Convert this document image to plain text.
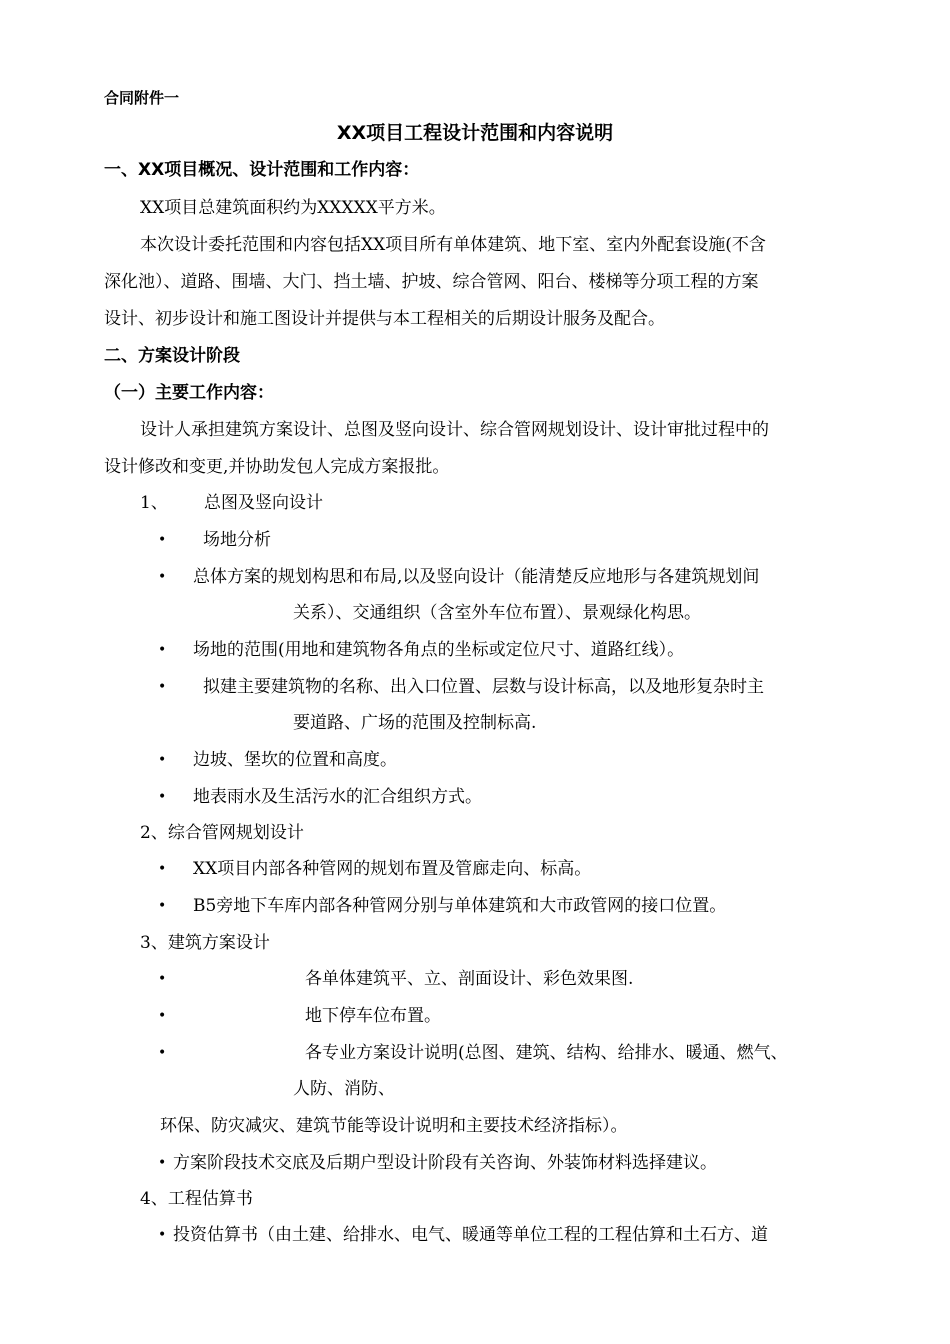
合同附件一
XX项目工程设计范围和内容说明
一、XX项目概况、设计范围和工作内容：
XX项目总建筑面积约为XXXXX平方米。
本次设计委托范围和内容包括XX项目所有单体建筑、地下室、室内外配套设施(不含
深化池）、道路、围墙、大门、挡土墙、护坡、综合管网、阳台、楼梯等分项工程的方案
设计、初步设计和施工图设计并提供与本工程相关的后期设计服务及配合。
二、方案设计阶段
（一）主要工作内容：
设计人承担建筑方案设计、总图及竖向设计、综合管网规划设计、设计审批过程中的
设计修改和变更,并协助发包人完成方案报批。
1、 总图及竖向设计
• 场地分析
• 总体方案的规划构思和布局,以及竖向设计（能清楚反应地形与各建筑规划间
关系）、交通组织（含室外车位布置）、景观绿化构思。
• 场地的范围(用地和建筑物各角点的坐标或定位尺寸、道路红线）。
• 拟建主要建筑物的名称、出入口位置、层数与设计标高，以及地形复杂时主
要道路、广场的范围及控制标高.
• 边坡、堡坎的位置和高度。
• 地表雨水及生活污水的汇合组织方式。
2、综合管网规划设计
• XX项目内部各种管网的规划布置及管廊走向、标高。
• B5旁地下车库内部各种管网分别与单体建筑和大市政管网的接口位置。
3、建筑方案设计
•	各单体建筑平、立、剖面设计、彩色效果图.
•	地下停车位布置。
•	各专业方案设计说明(总图、建筑、结构、给排水、暖通、燃气、
人防、消防、
环保、防灾减灾、建筑节能等设计说明和主要技术经济指标）。
• 方案阶段技术交底及后期户型设计阶段有关咨询、外装饰材料选择建议。
4、工程估算书
• 投资估算书（由土建、给排水、电气、暖通等单位工程的工程估算和土石方、道
